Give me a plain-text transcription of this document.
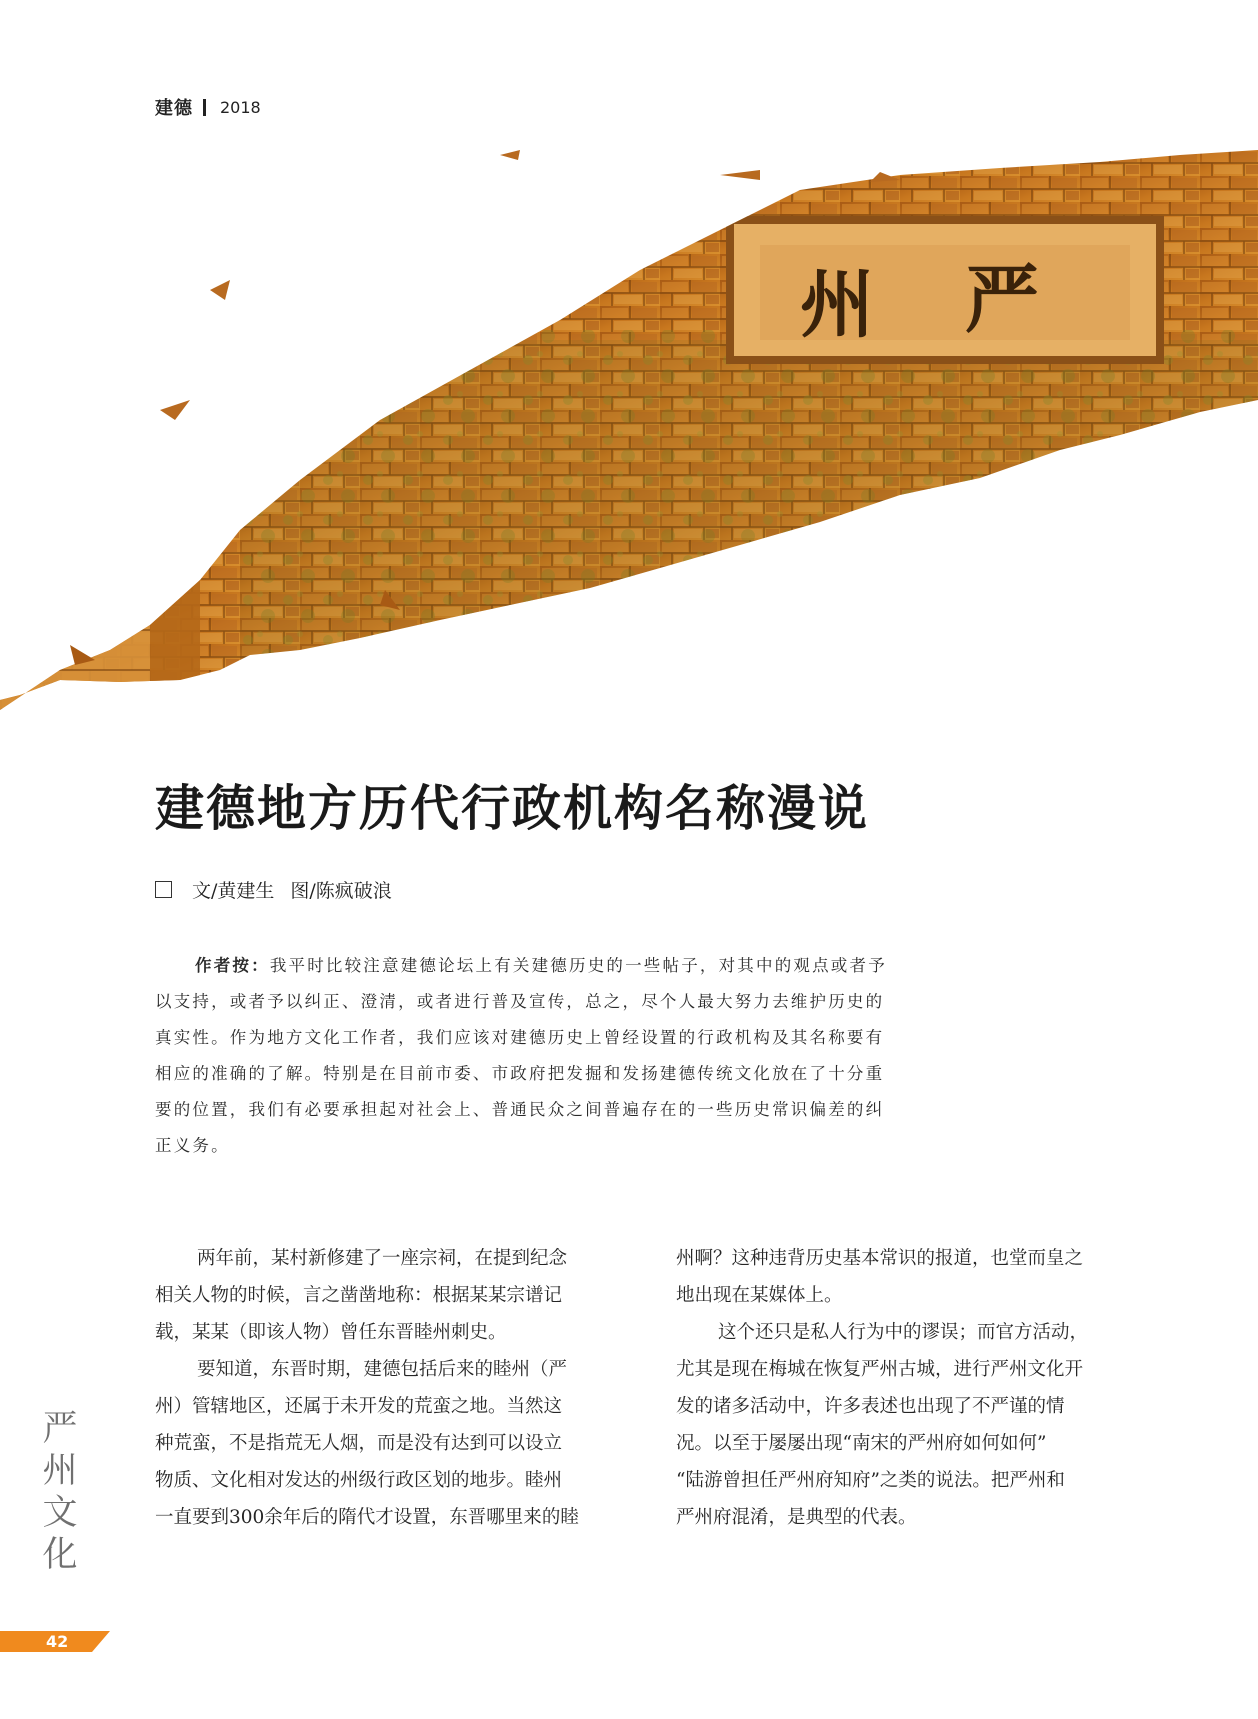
建德 2018
州 严
建德地方历代行政机构名称漫说
文/黄建生 图/陈疯破浪
作者按：我平时比较注意建德论坛上有关建德历史的一些帖子，对其中的观点或者予
以支持，或者予以纠正、澄清，或者进行普及宣传，总之，尽个人最大努力去维护历史的
真实性。作为地方文化工作者，我们应该对建德历史上曾经设置的行政机构及其名称要有
相应的准确的了解。特别是在目前市委、市政府把发掘和发扬建德传统文化放在了十分重
要的位置，我们有必要承担起对社会上、普通民众之间普遍存在的一些历史常识偏差的纠
正义务。
两年前，某村新修建了一座宗祠，在提到纪念
相关人物的时候，言之凿凿地称：根据某某宗谱记
载，某某（即该人物）曾任东晋睦州刺史。
要知道，东晋时期，建德包括后来的睦州（严
州）管辖地区，还属于未开发的荒蛮之地。当然这
种荒蛮，不是指荒无人烟，而是没有达到可以设立
物质、文化相对发达的州级行政区划的地步。睦州
一直要到300余年后的隋代才设置，东晋哪里来的睦
州啊？这种违背历史基本常识的报道，也堂而皇之
地出现在某媒体上。
这个还只是私人行为中的谬误；而官方活动，
尤其是现在梅城在恢复严州古城，进行严州文化开
发的诸多活动中，许多表述也出现了不严谨的情
况。以至于屡屡出现“南宋的严州府如何如何”
“陆游曾担任严州府知府”之类的说法。把严州和
严州府混淆，是典型的代表。
严
州
文
化
42
